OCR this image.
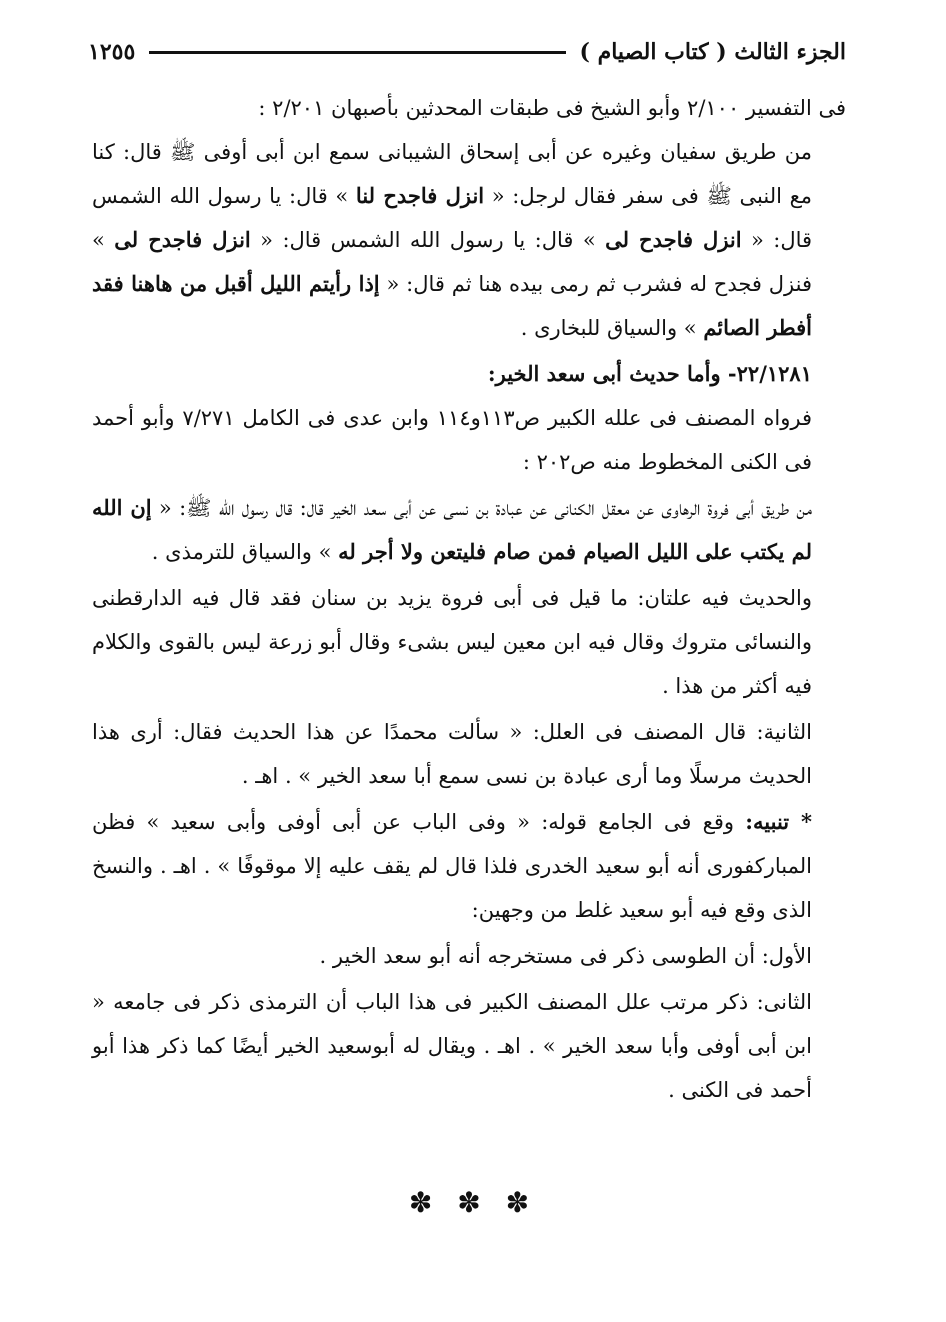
الجزء الثالث ( كتاب الصيام )
١٢٥٥

فى التفسير ٢/١٠٠ وأبو الشيخ فى طبقات المحدثين بأصبهان ٢/٢٠١ :

من طريق سفيان وغيره عن أبى إسحاق الشيبانى سمع ابن أبى أوفى ﷺ قال: كنا مع النبى ﷺ فى سفر فقال لرجل: « انزل فاجدح لنا » قال: يا رسول الله الشمس قال: « انزل فاجدح لى » قال: يا رسول الله الشمس قال: « انزل فاجدح لى » فنزل فجدح له فشرب ثم رمى بيده هنا ثم قال: « إذا رأيتم الليل أقبل من هاهنا فقد أفطر الصائم » والسياق للبخارى .

٢٢/١٢٨١- وأما حديث أبى سعد الخير:

فرواه المصنف فى علله الكبير ص١١٣و١١٤ وابن عدى فى الكامل ٧/٢٧١ وأبو أحمد فى الكنى المخطوط منه ص٢٠٢ :

من طريق أبى فروة الرهاوى عن معقل الكنانى عن عبادة بن نسى عن أبى سعد الخير قال: قال رسول الله ﷺ: « إن الله لم يكتب على الليل الصيام فمن صام فليتعن ولا أجر له » والسياق للترمذى .

والحديث فيه علتان: ما قيل فى أبى فروة يزيد بن سنان فقد قال فيه الدارقطنى والنسائى متروك وقال فيه ابن معين ليس بشىء وقال أبو زرعة ليس بالقوى والكلام فيه أكثر من هذا .

الثانية: قال المصنف فى العلل: « سألت محمدًا عن هذا الحديث فقال: أرى هذا الحديث مرسلًا وما أرى عبادة بن نسى سمع أبا سعد الخير » . اهـ .

* تنبيه: وقع فى الجامع قوله: « وفى الباب عن أبى أوفى وأبى سعيد » فظن المباركفورى أنه أبو سعيد الخدرى فلذا قال لم يقف عليه إلا موقوفًا » . اهـ . والنسخ الذى وقع فيه أبو سعيد غلط من وجهين:

الأول: أن الطوسى ذكر فى مستخرجه أنه أبو سعد الخير .

الثانى: ذكر مرتب علل المصنف الكبير فى هذا الباب أن الترمذى ذكر فى جامعه « ابن أبى أوفى وأبا سعد الخير » . اهـ . ويقال له أبوسعيد الخير أيضًا كما ذكر هذا أبو أحمد فى الكنى .

✽ ✽ ✽
